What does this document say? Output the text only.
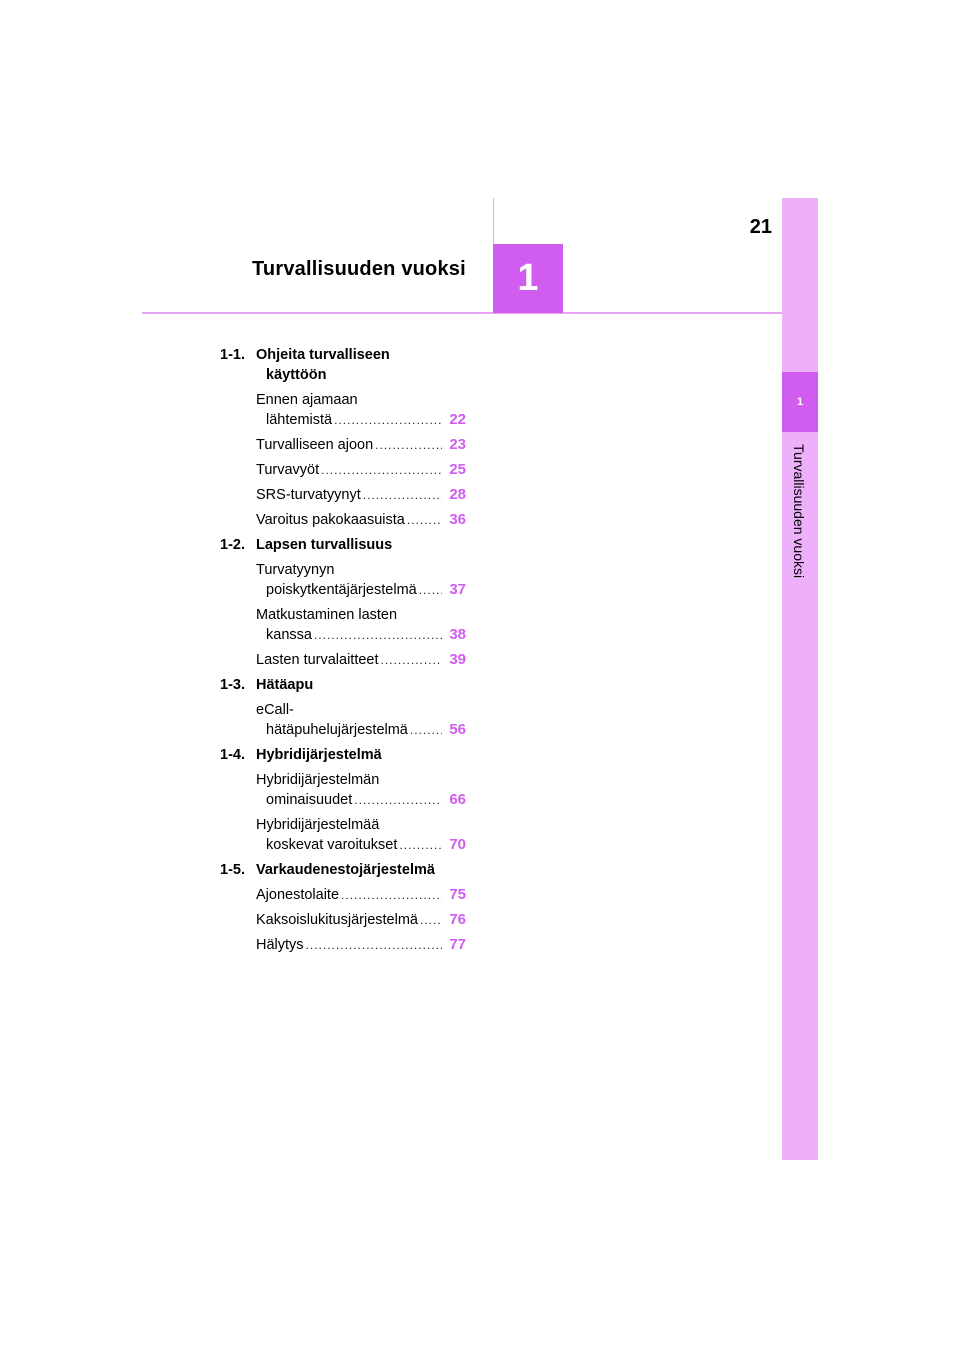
21
Turvallisuuden vuoksi	1
1
Turvallisuuden vuoksi
1-1. Ohjeita turvalliseen
käyttöön
Ennen ajamaan
lähtemistä .....	22
Turvalliseen ajoon .....	23
Turvavyöt .....	25
SRS-turvatyynyt .....	28
Varoitus pakokaasuista .....	36
1-2. Lapsen turvallisuus
Turvatyynyn
poiskytkentäjärjestelmä .....	37
Matkustaminen lasten
kanssa .....	38
Lasten turvalaitteet .....	39
1-3. Hätäapu
eCall-
hätäpuhelujärjestelmä .....	56
1-4. Hybridijärjestelmä
Hybridijärjestelmän
ominaisuudet .....	66
Hybridijärjestelmää
koskevat varoitukset .....	70
1-5. Varkaudenestojärjestelmä
Ajonestolaite .....	75
Kaksoislukitusjärjestelmä .....	76
Hälytys .....	77
